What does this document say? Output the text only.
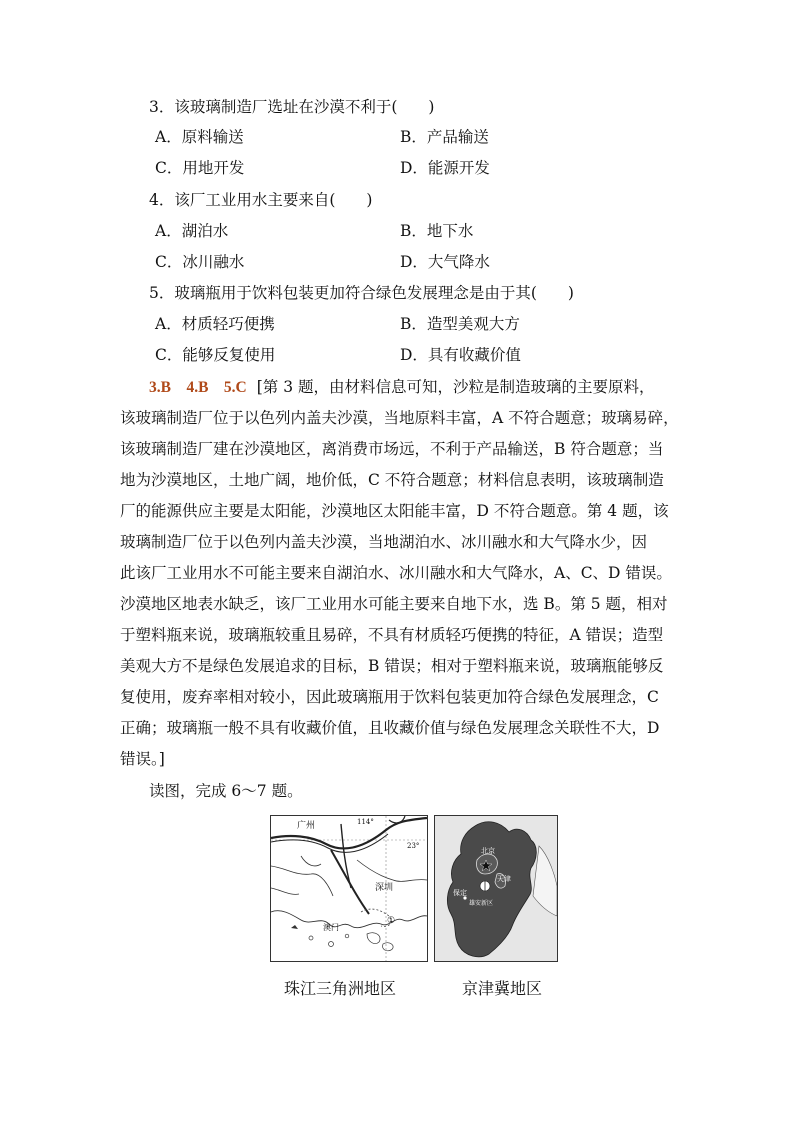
3．该玻璃制造厂选址在沙漠不利于(　　)
A．原料输送	B．产品输送
C．用地开发	D．能源开发
4．该厂工业用水主要来自(　　)
A．湖泊水	B．地下水
C．冰川融水	D．大气降水
5．玻璃瓶用于饮料包装更加符合绿色发展理念是由于其(　　)
A．材质轻巧便携	B．造型美观大方
C．能够反复使用	D．具有收藏价值
3.B　4.B　5.C [第 3 题，由材料信息可知，沙粒是制造玻璃的主要原料，
该玻璃制造厂位于以色列内盖夫沙漠，当地原料丰富，A 不符合题意；玻璃易碎，
该玻璃制造厂建在沙漠地区，离消费市场远，不利于产品输送，B 符合题意；当
地为沙漠地区，土地广阔，地价低，C 不符合题意；材料信息表明，该玻璃制造
厂的能源供应主要是太阳能，沙漠地区太阳能丰富，D 不符合题意。第 4 题，该
玻璃制造厂位于以色列内盖夫沙漠，当地湖泊水、冰川融水和大气降水少，因
此该厂工业用水不可能主要来自湖泊水、冰川融水和大气降水，A、C、D 错误。
沙漠地区地表水缺乏，该厂工业用水可能主要来自地下水，选 B。第 5 题，相对
于塑料瓶来说，玻璃瓶较重且易碎，不具有材质轻巧便携的特征，A 错误；造型
美观大方不是绿色发展追求的目标，B 错误；相对于塑料瓶来说，玻璃瓶能够反
复使用，废弃率相对较小，因此玻璃瓶用于饮料包装更加符合绿色发展理念，C
正确；玻璃瓶一般不具有收藏价值，且收藏价值与绿色发展理念关联性不大，D
错误。]
读图，完成 6～7 题。
广州	114°
23°
深圳
澳门
①
珠江三角洲地区
北京
天津
保定
雄安新区
京津冀地区
